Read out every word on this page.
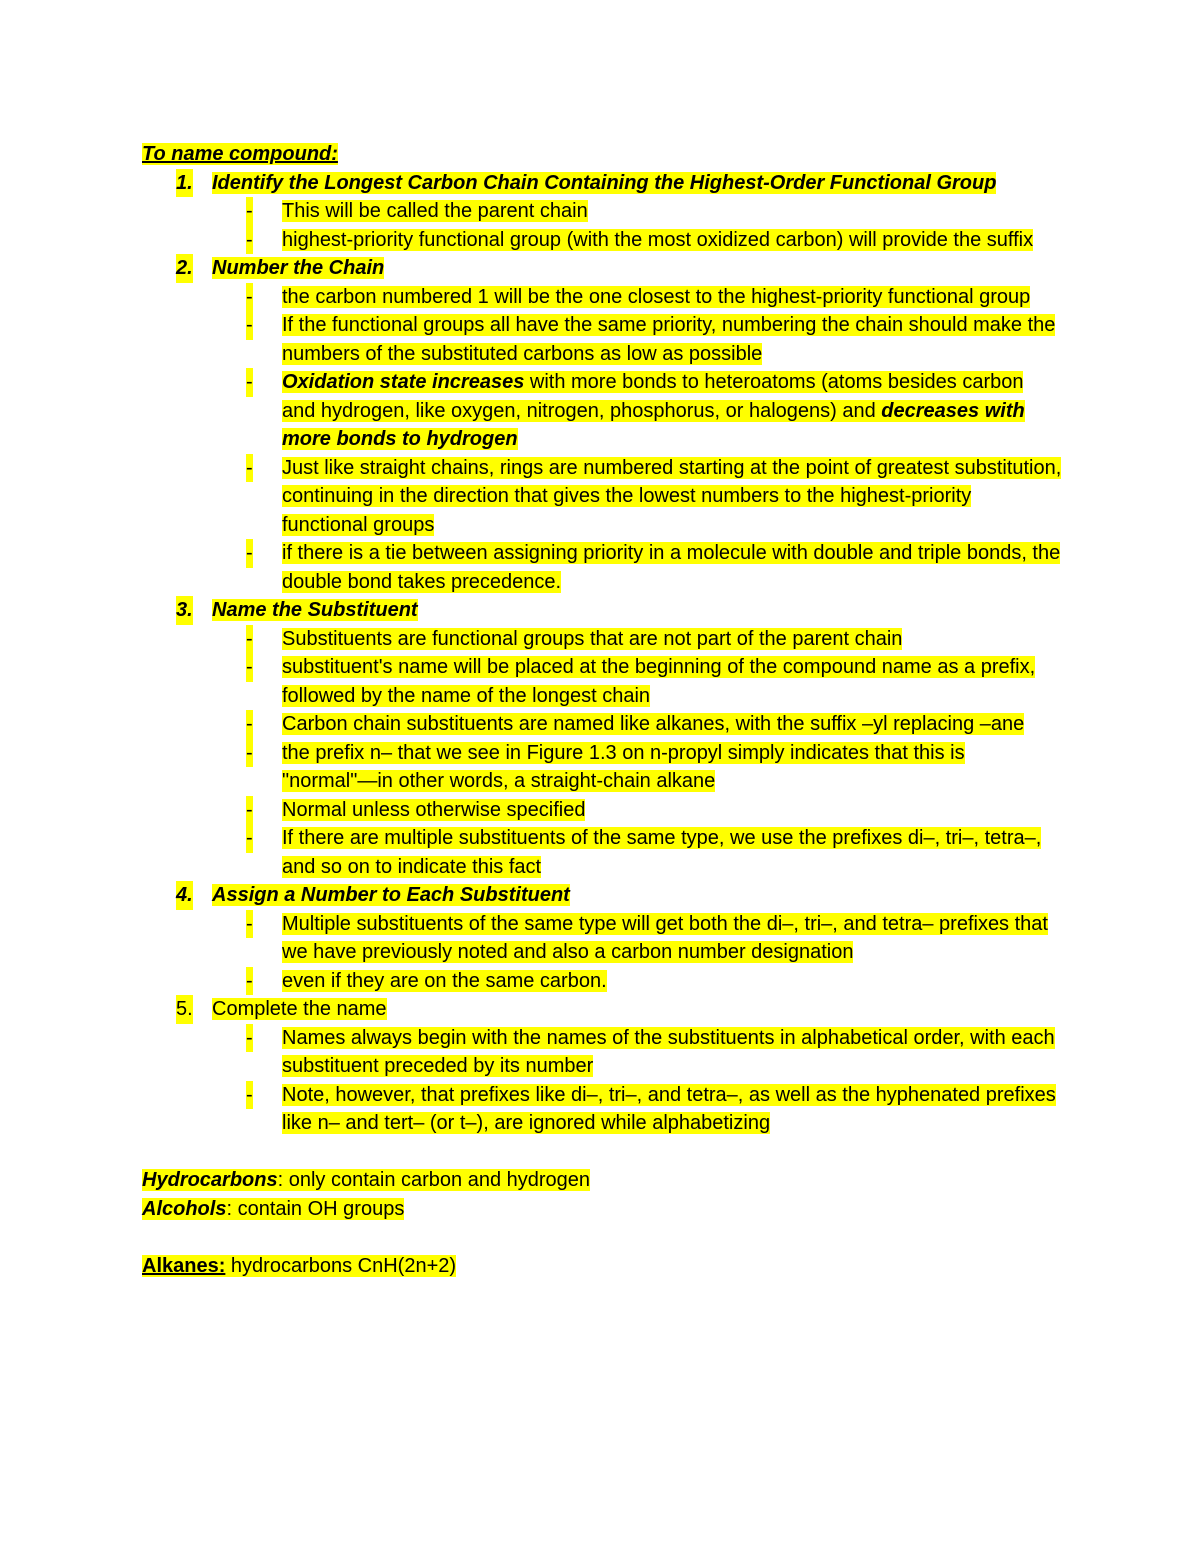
To name compound:
1. Identify the Longest Carbon Chain Containing the Highest-Order Functional Group
- This will be called the parent chain
- highest-priority functional group (with the most oxidized carbon) will provide the suffix
2. Number the Chain
- the carbon numbered 1 will be the one closest to the highest-priority functional group
- If the functional groups all have the same priority, numbering the chain should make the numbers of the substituted carbons as low as possible
- Oxidation state increases with more bonds to heteroatoms (atoms besides carbon and hydrogen, like oxygen, nitrogen, phosphorus, or halogens) and decreases with more bonds to hydrogen
- Just like straight chains, rings are numbered starting at the point of greatest substitution, continuing in the direction that gives the lowest numbers to the highest-priority functional groups
- if there is a tie between assigning priority in a molecule with double and triple bonds, the double bond takes precedence.
3. Name the Substituent
- Substituents are functional groups that are not part of the parent chain
- substituent's name will be placed at the beginning of the compound name as a prefix, followed by the name of the longest chain
- Carbon chain substituents are named like alkanes, with the suffix –yl replacing –ane
- the prefix n– that we see in Figure 1.3 on n-propyl simply indicates that this is "normal"—in other words, a straight-chain alkane
- Normal unless otherwise specified
- If there are multiple substituents of the same type, we use the prefixes di–, tri–, tetra–, and so on to indicate this fact
4. Assign a Number to Each Substituent
- Multiple substituents of the same type will get both the di–, tri–, and tetra– prefixes that we have previously noted and also a carbon number designation
- even if they are on the same carbon.
5. Complete the name
- Names always begin with the names of the substituents in alphabetical order, with each substituent preceded by its number
- Note, however, that prefixes like di–, tri–, and tetra–, as well as the hyphenated prefixes like n– and tert– (or t–), are ignored while alphabetizing
Hydrocarbons: only contain carbon and hydrogen
Alcohols: contain OH groups
Alkanes: hydrocarbons CnH(2n+2)
